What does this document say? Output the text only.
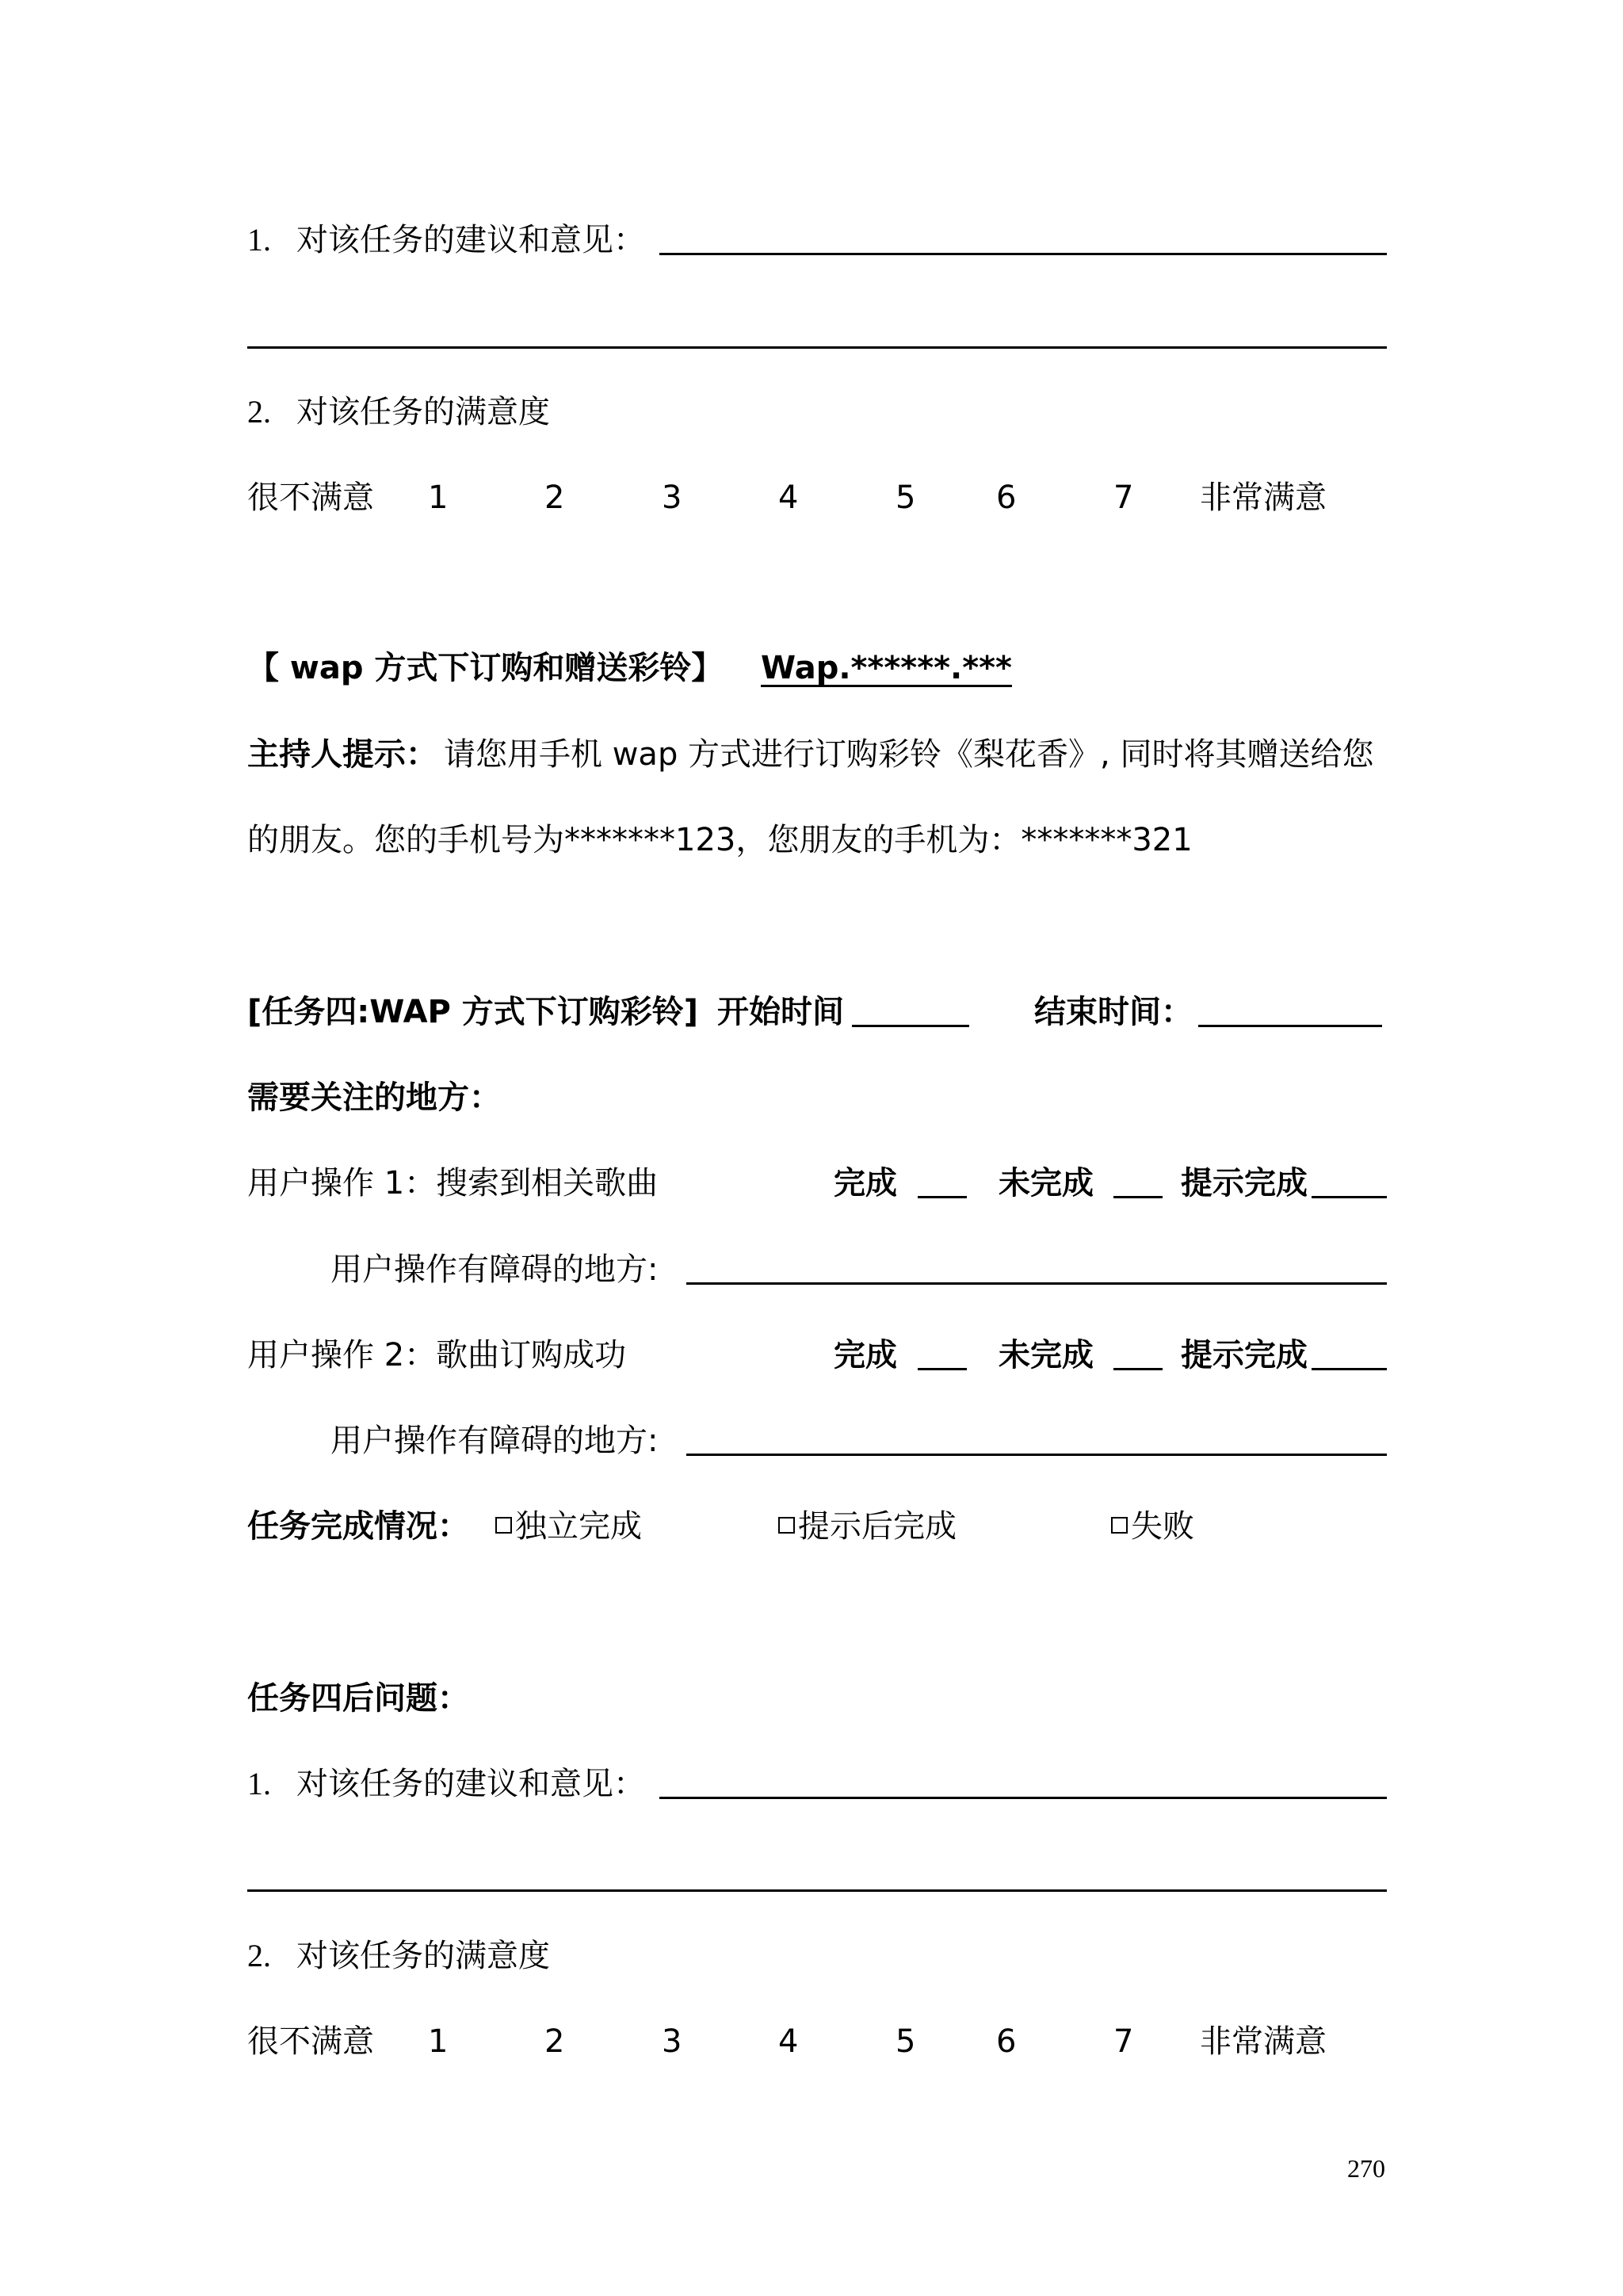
1. 对该任务的建议和意见：
2. 对该任务的满意度
很不满意 1	2	3	4	5	6	7 非常满意
【 wap 方式下订购和赠送彩铃】 Wap.******.***
主持人提示： 请您用手机 wap 方式进行订购彩铃《梨花香》, 同时将其赠送给您
的朋友。您的手机号为*******123，您朋友的手机为：*******321
[任务四:WAP 方式下订购彩铃] 开始时间	结束时间：
需要关注的地方：
用户操作 1：搜索到相关歌曲	完成	未完成	提示完成
用户操作有障碍的地方:
用户操作 2：歌曲订购成功	完成	未完成	提示完成
用户操作有障碍的地方:
任务完成情况：	独立完成	提示后完成	失败
任务四后问题：
1. 对该任务的建议和意见：
2. 对该任务的满意度
很不满意 1	2	3	4	5	6	7 非常满意
270
